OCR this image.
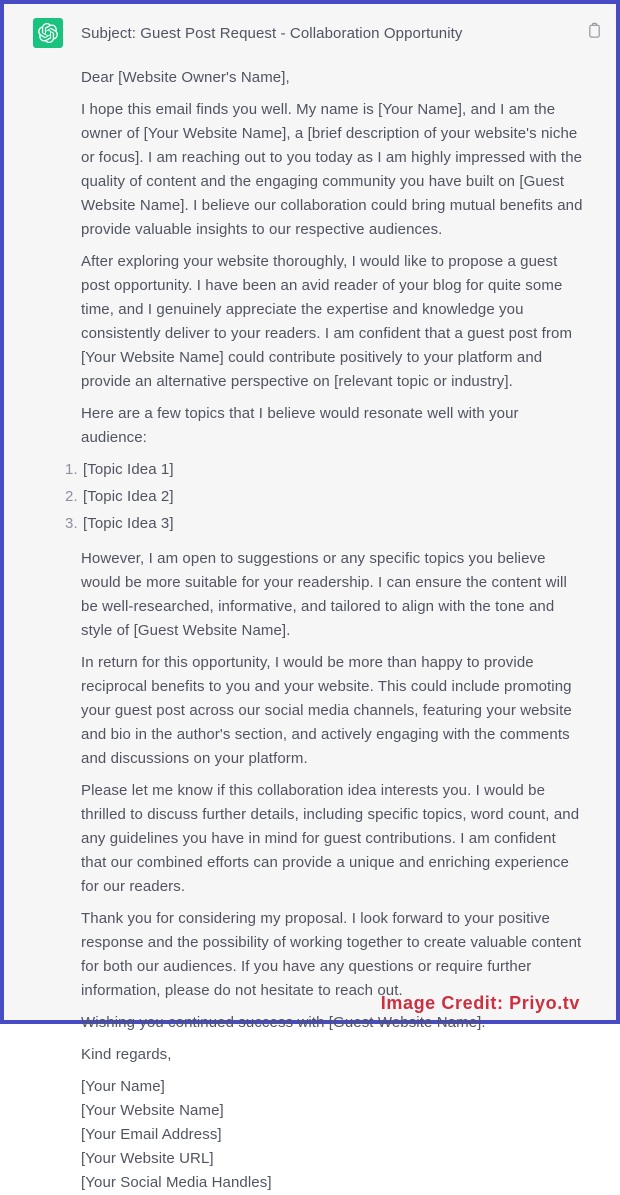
Subject: Guest Post Request - Collaboration Opportunity

Dear [Website Owner's Name],

I hope this email finds you well. My name is [Your Name], and I am the owner of [Your Website Name], a [brief description of your website's niche or focus]. I am reaching out to you today as I am highly impressed with the quality of content and the engaging community you have built on [Guest Website Name]. I believe our collaboration could bring mutual benefits and provide valuable insights to our respective audiences.

After exploring your website thoroughly, I would like to propose a guest post opportunity. I have been an avid reader of your blog for quite some time, and I genuinely appreciate the expertise and knowledge you consistently deliver to your readers. I am confident that a guest post from [Your Website Name] could contribute positively to your platform and provide an alternative perspective on [relevant topic or industry].

Here are a few topics that I believe would resonate well with your audience:

1. [Topic Idea 1]
2. [Topic Idea 2]
3. [Topic Idea 3]

However, I am open to suggestions or any specific topics you believe would be more suitable for your readership. I can ensure the content will be well-researched, informative, and tailored to align with the tone and style of [Guest Website Name].

In return for this opportunity, I would be more than happy to provide reciprocal benefits to you and your website. This could include promoting your guest post across our social media channels, featuring your website and bio in the author's section, and actively engaging with the comments and discussions on your platform.

Please let me know if this collaboration idea interests you. I would be thrilled to discuss further details, including specific topics, word count, and any guidelines you have in mind for guest contributions. I am confident that our combined efforts can provide a unique and enriching experience for our readers.

Thank you for considering my proposal. I look forward to your positive response and the possibility of working together to create valuable content for both our audiences. If you have any questions or require further information, please do not hesitate to reach out.

Wishing you continued success with [Guest Website Name].

Kind regards,

[Your Name]
[Your Website Name]
[Your Email Address]
[Your Website URL]
[Your Social Media Handles]

Image Credit: Priyo.tv
